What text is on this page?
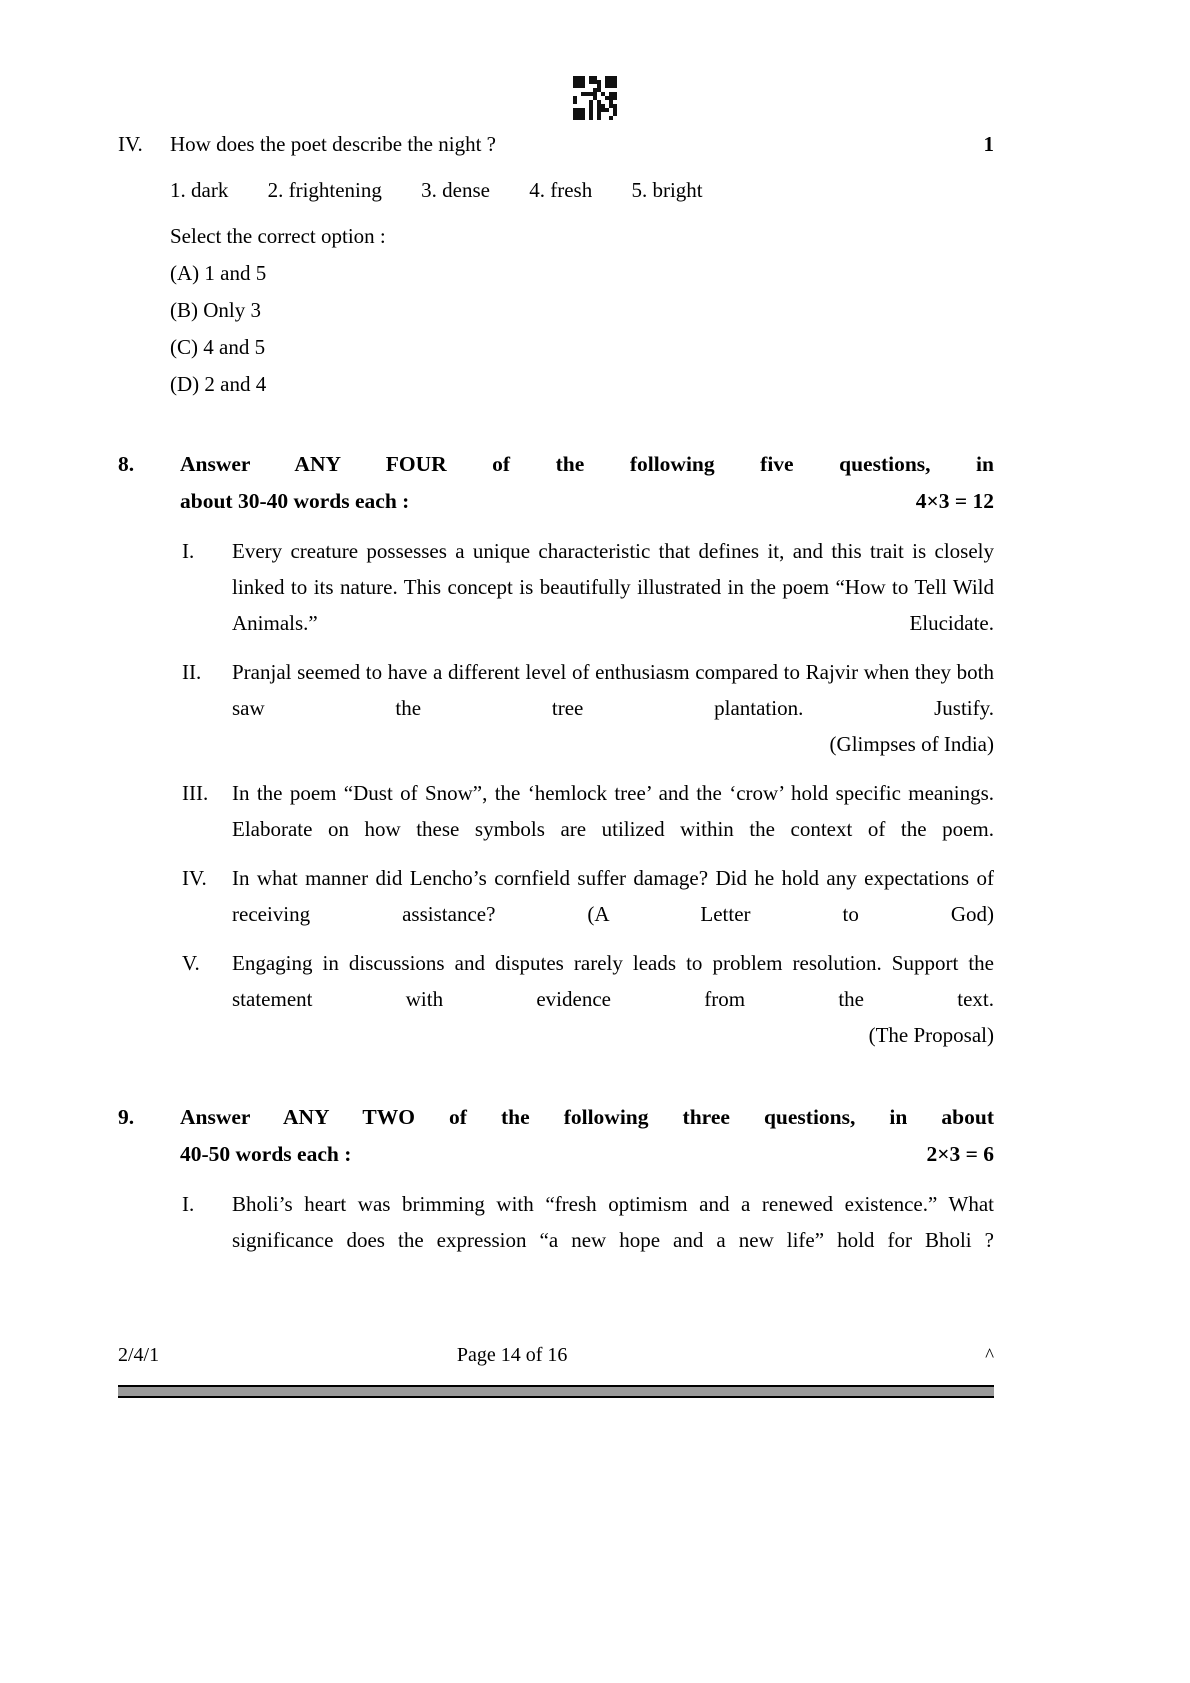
IV.	How does the poet describe the night ?	1
1. dark 2. frightening 3. dense 4. fresh 5. bright
Select the correct option :
(A) 1 and 5
(B) Only 3
(C) 4 and 5
(D) 2 and 4
8.	Answer ANY FOUR of the following five questions, in

about 30-40 words each :	4×3 = 12

I.	Every creature possesses a unique characteristic that defines it, and this trait is closely linked to its nature. This concept is beautifully illustrated in the poem “How to Tell Wild Animals.” Elucidate.

II.	Pranjal seemed to have a different level of enthusiasm compared to Rajvir when they both saw the tree plantation. Justify.

(Glimpses of India)

III.	In the poem “Dust of Snow”, the ‘hemlock tree’ and the ‘crow’ hold specific meanings. Elaborate on how these symbols are utilized within the context of the poem.

IV.	In what manner did Lencho’s cornfield suffer damage? Did he hold any expectations of receiving assistance? (A Letter to God)

V.	Engaging in discussions and disputes rarely leads to problem resolution. Support the statement with evidence from the text.

(The Proposal)

9.	Answer ANY TWO of the following three questions, in about

40-50 words each :	2×3 = 6

I.	Bholi’s heart was brimming with “fresh optimism and a renewed existence.” What significance does the expression “a new hope and a new life” hold for Bholi ?

2/4/1	Page 14 of 16	^
